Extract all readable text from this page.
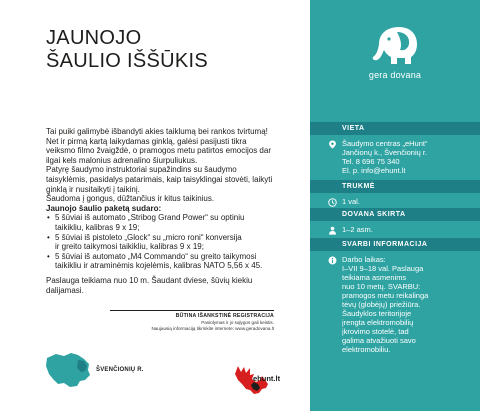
JAUNOJO
ŠAULIO IŠŠŪKIS

Tai puiki galimybė išbandyti akies taiklumą bei rankos tvirtumą!

Net ir pirmą kartą laikydamas ginklą, galėsi pasijusti tikra

veiksmo filmo žvaigždė, o pramogos metu patirtos emocijos dar

ilgai kels malonius adrenalino šiurpuliukus.

Patyrę šaudymo instruktoriai supažindins su šaudymo

taisyklėmis, pasidalys patarimais, kaip taisyklingai stovėti, laikyti

ginklą ir nusitaikyti į taikinį.

Šaudoma į gongus, dūžtančius ir kitus taikinius.

Jaunojo šaulio paketą sudaro:

• 5 šūviai iš automato „Stribog Grand Power“ su optiniu
taikikliu, kalibras 9 x 19;
• 5 šūviai iš pistoleto „Glock“ su „micro roni“ konversija
ir greito taikymosi taikikliu, kalibras 9 x 19;
• 5 šūviai iš automato „M4 Commando“ su greito taikymosi
taikikliu ir atraminėmis kojelėmis, kalibras NATO 5,56 x 45.

Paslauga teikiama nuo 10 m. Šaudant dviese, šūvių kiekiu

dalijamasi.

BŪTINA IŠANKSTINĖ REGISTRACIJA
Pasiūlymas ir jo sąlygos gali keistis.
Naujausią informaciją tikrinkite internete: www.geradovana.lt
ŠVENČIONIŲ R.
ehunt.lt
gera dovana
VIETA
Šaudymo centras „eHunt“
Jančionų k., Švenčionių r.
Tel. 8 696 75 340
El. p. info@ehunt.lt
TRUKMĖ
1 val.
DOVANA SKIRTA
1–2 asm.
SVARBI INFORMACIJA
Darbo laikas:
I–VII 9–18 val. Paslauga
teikiama asmenims
nuo 10 metų. SVARBU:
pramogos metu reikalinga
tėvų (globėjų) priežiūra.
Šaudyklos teritorijoje
įrengta elektromobilių
įkrovimo stotelė, tad
galima atvažiuoti savo
elektromobiliu.
